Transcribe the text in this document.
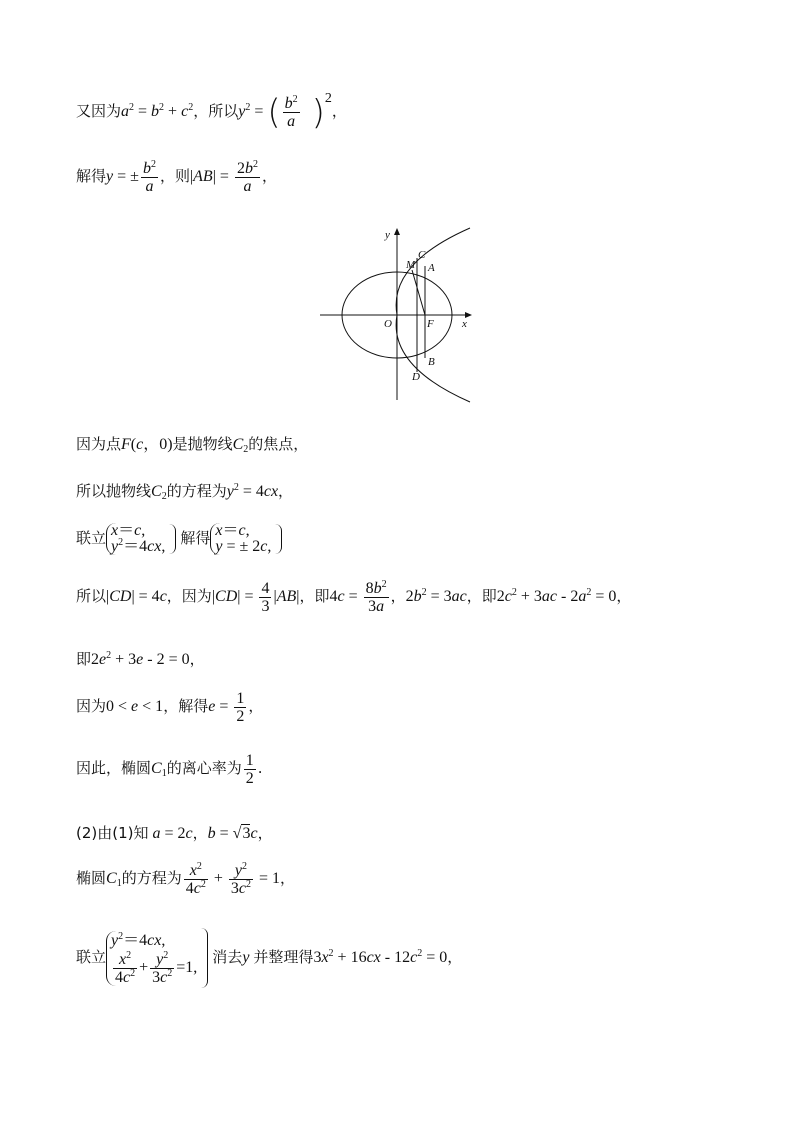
又因为$a^2 = b^2 + c^2$，所以$y^2$ = ( $\frac{b^2}{a} )^2$，
解得y = ± $\frac{b^2}{a}$ ，则$|AB| = \frac{2b^2}{a}$ ，
y
x
O	F
C
M A
B
D
因为点F(c，0)是抛物线$C_2$的焦点，
所以抛物线$C_2$的方程为$y^2 = 4cx$，
联立 x＝c,
$y^2=4cx$, 解得 x＝c,
y = ± 2c,
所以|CD| = 4c，因为$|CD| = \frac{4}{3} |AB|$，即$4c = \frac{8b^2}{3a}$ ，$2b^2 = 3ac$，即$2c^2 + 3ac - 2a^2 = 0$，
即$2e^2 + 3e - 2 = 0$，
因为0 < e < 1，解得$e = \frac{1}{2}$ ，
因此，椭圆$C_1$的离心率为 $\frac{1}{2}$ .
(2)由(1)知 a = 2c，b = √3c，
椭圆$C_1$的方程为 $\frac{x^2}{4c^2} + \frac{y^2}{3c^2} = 1$，
联立$y^2=4cx$,

$\frac{x^2}{4c^2} + \frac{y^2}{3c^2} =1$,消去y 并整理得$3x^2 + 16cx - 12c^2 = 0$，
